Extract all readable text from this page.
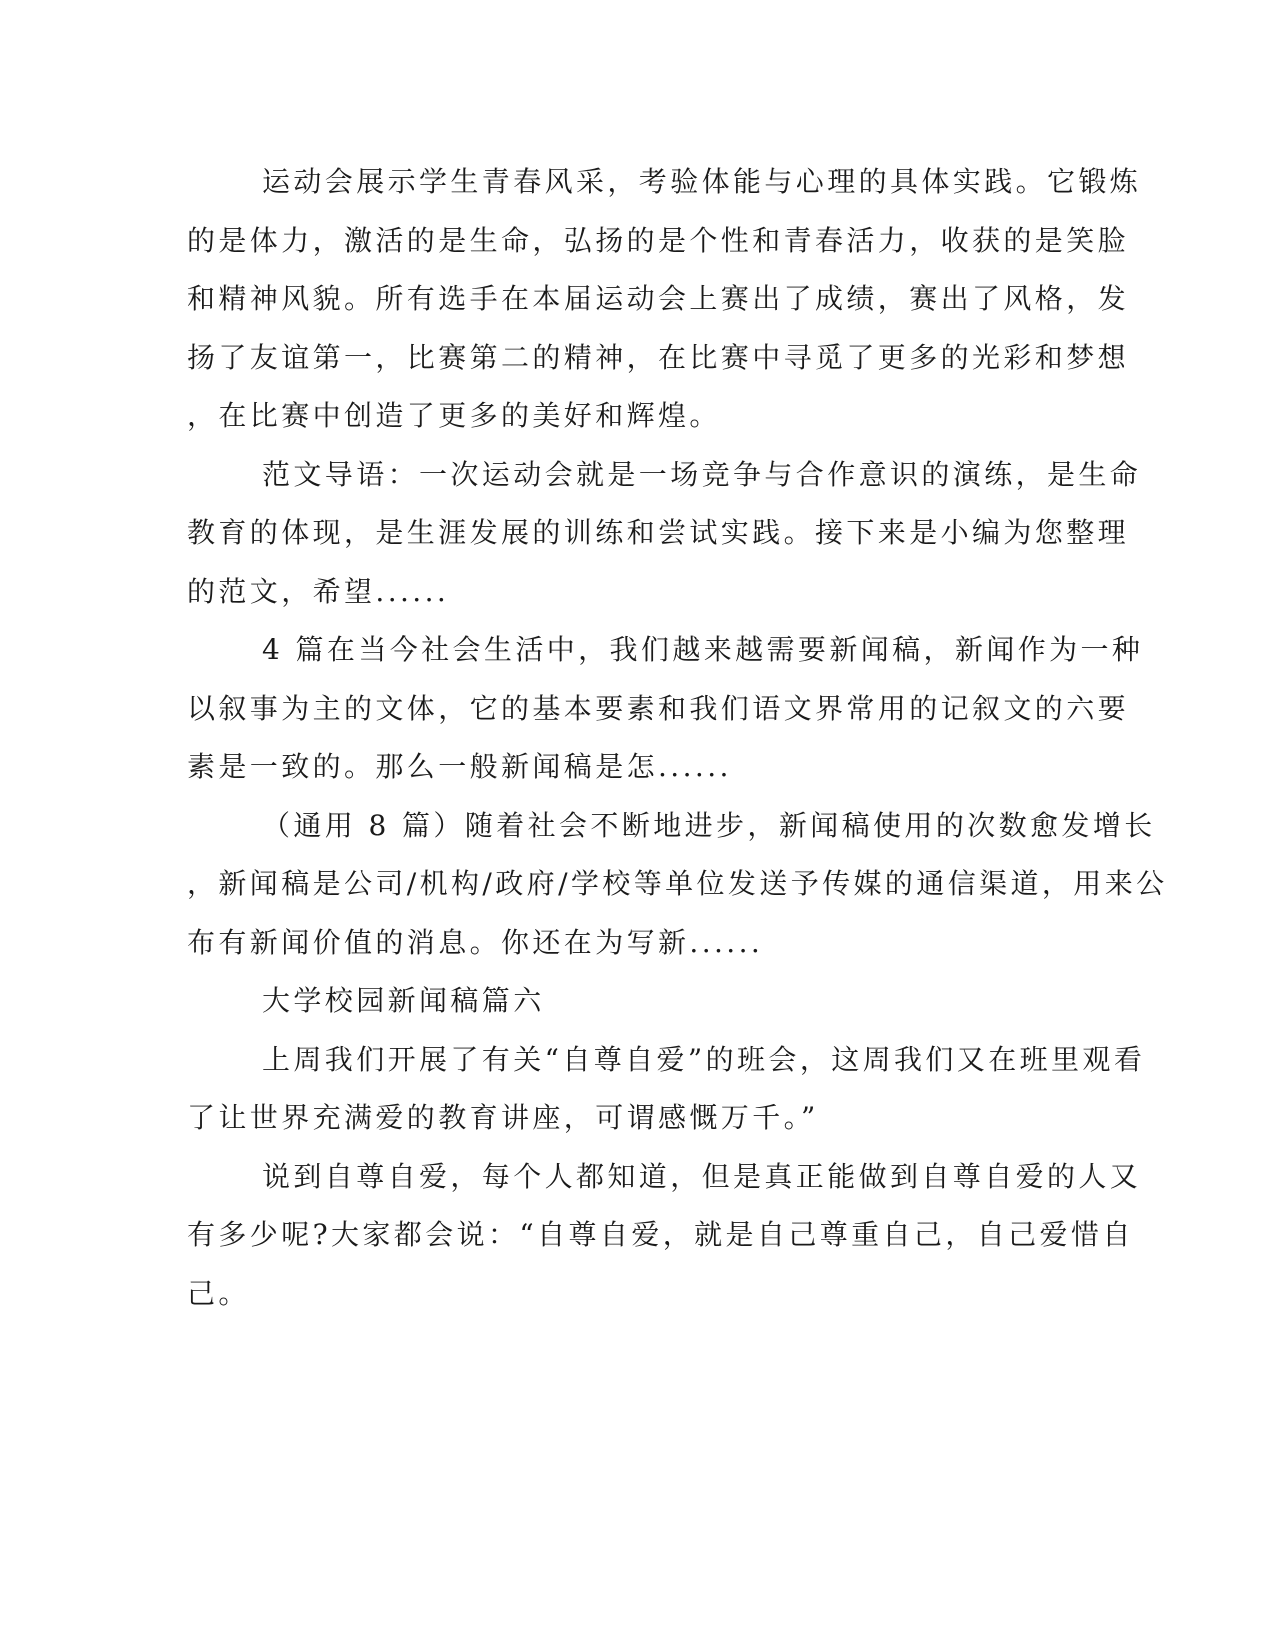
运动会展示学生青春风采，考验体能与心理的具体实践。它锻炼
的是体力，激活的是生命，弘扬的是个性和青春活力，收获的是笑脸
和精神风貌。所有选手在本届运动会上赛出了成绩，赛出了风格，发
扬了友谊第一，比赛第二的精神，在比赛中寻觅了更多的光彩和梦想
，在比赛中创造了更多的美好和辉煌。
范文导语：一次运动会就是一场竞争与合作意识的演练，是生命
教育的体现，是生涯发展的训练和尝试实践。接下来是小编为您整理
的范文，希望......
4 篇在当今社会生活中，我们越来越需要新闻稿，新闻作为一种
以叙事为主的文体，它的基本要素和我们语文界常用的记叙文的六要
素是一致的。那么一般新闻稿是怎......
（通用 8 篇）随着社会不断地进步，新闻稿使用的次数愈发增长
，新闻稿是公司/机构/政府/学校等单位发送予传媒的通信渠道，用来公
布有新闻价值的消息。你还在为写新......
大学校园新闻稿篇六
上周我们开展了有关“自尊自爱”的班会，这周我们又在班里观看
了让世界充满爱的教育讲座，可谓感慨万千。”
说到自尊自爱，每个人都知道，但是真正能做到自尊自爱的人又
有多少呢?大家都会说：“自尊自爱，就是自己尊重自己，自己爱惜自
己。
